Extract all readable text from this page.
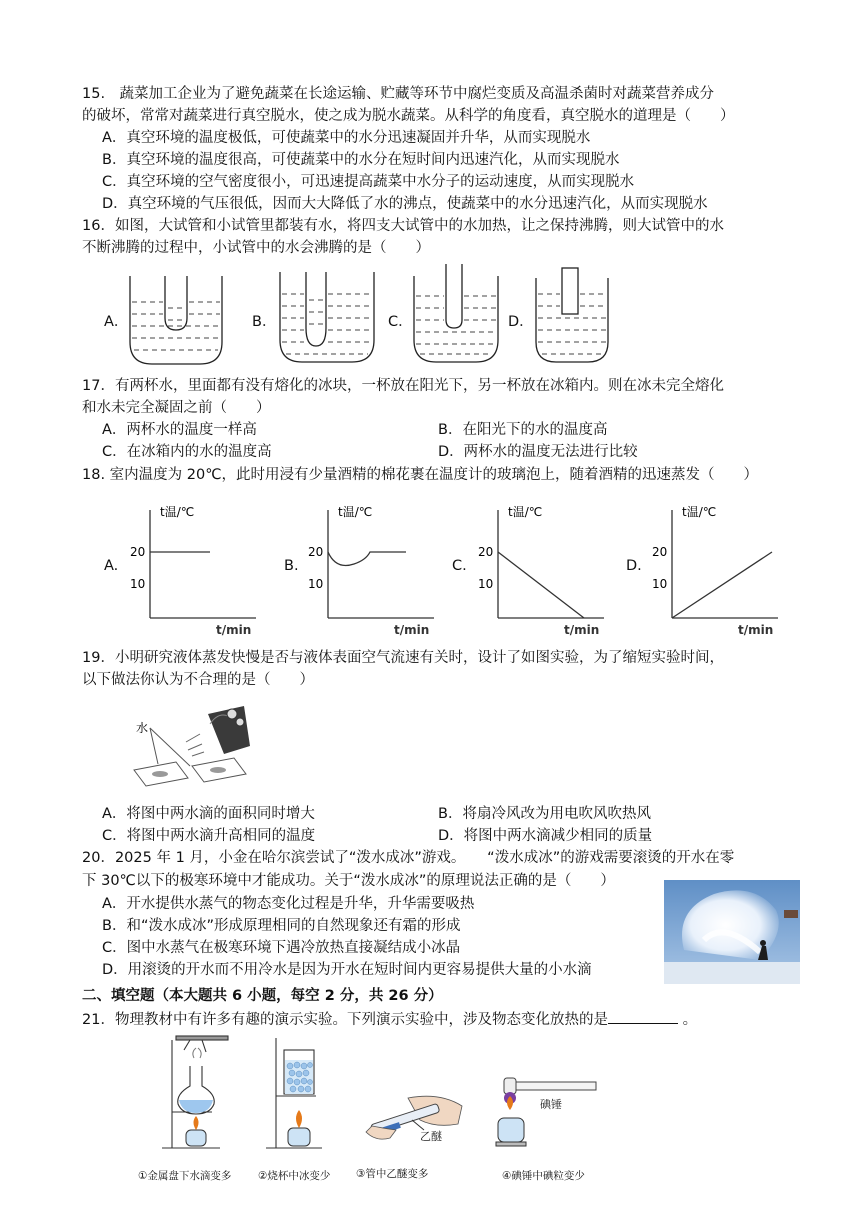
15.　蔬菜加工企业为了避免蔬菜在长途运输、贮藏等环节中腐烂变质及高温杀菌时对蔬菜营养成分
的破坏，常常对蔬菜进行真空脱水，使之成为脱水蔬菜。从科学的角度看，真空脱水的道理是（　　）
A．真空环境的温度极低，可使蔬菜中的水分迅速凝固并升华，从而实现脱水
B．真空环境的温度很高，可使蔬菜中的水分在短时间内迅速汽化，从而实现脱水
C．真空环境的空气密度很小，可迅速提高蔬菜中水分子的运动速度，从而实现脱水
D．真空环境的气压很低，因而大大降低了水的沸点，使蔬菜中的水分迅速汽化，从而实现脱水
16．如图，大试管和小试管里都装有水，将四支大试管中的水加热，让之保持沸腾，则大试管中的水
不断沸腾的过程中，小试管中的水会沸腾的是（　　）
A．	B．	C．	D．
17．有两杯水，里面都有没有熔化的冰块，一杯放在阳光下，另一杯放在冰箱内。则在冰未完全熔化
和水未完全凝固之前（　　）
A．两杯水的温度一样高	B．在阳光下的水的温度高
C．在冰箱内的水的温度高	D．两杯水的温度无法进行比较
18. 室内温度为 20℃，此时用浸有少量酒精的棉花裹在温度计的玻璃泡上，随着酒精的迅速蒸发（　　）
A.	B.	C.	D.
t温/℃
t/min
20
10
t温/℃
t/min
20
10
t温/℃
t/min
20
10
t温/℃
t/min
20
10
19．小明研究液体蒸发快慢是否与液体表面空气流速有关时，设计了如图实验，为了缩短实验时间，
以下做法你认为不合理的是（　　）
水
A．将图中两水滴的面积同时增大	B．将扇冷风改为用电吹风吹热风
C．将图中两水滴升高相同的温度	D．将图中两水滴减少相同的质量
20．2025 年 1 月，小金在哈尔滨尝试了“泼水成冰”游戏。　　“泼水成冰”的游戏需要滚烫的开水在零
下 30℃以下的极寒环境中才能成功。关于“泼水成冰”的原理说法正确的是（　　）
A．开水提供水蒸气的物态变化过程是升华，升华需要吸热
B．和“泼水成冰”形成原理相同的自然现象还有霜的形成
C．图中水蒸气在极寒环境下遇冷放热直接凝结成小冰晶
D．用滚烫的开水而不用冷水是因为开水在短时间内更容易提供大量的小水滴
二、填空题（本大题共 6 小题，每空 2 分，共 26 分）
21．物理教材中有许多有趣的演示实验。下列演示实验中，涉及物态变化放热的是	。
乙醚
碘锤
①金属盘下水滴变多	②烧杯中冰变少 ③管中乙醚变多	④碘锤中碘粒变少
